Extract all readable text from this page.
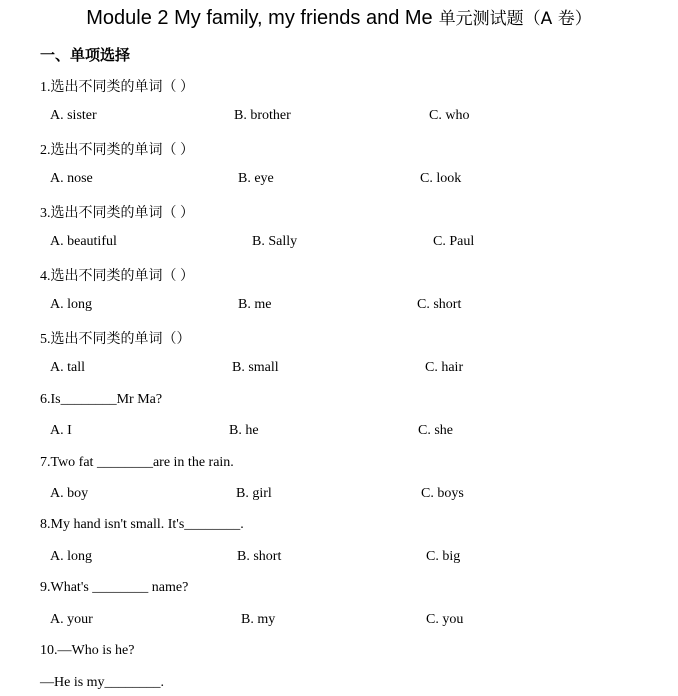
Module 2 My family, my friends and Me 单元测试题（A 卷）
一、单项选择
1.选出不同类的单词（ ）
A. sister	B. brother	C. who
2.选出不同类的单词（ ）
A. nose	B. eye	C. look
3.选出不同类的单词（ ）
A. beautiful	B. Sally	C. Paul
4.选出不同类的单词（ ）
A. long	B. me	C. short
5.选出不同类的单词（）
A. tall	B. small	C. hair
6.Is________Mr Ma?
A. I	B. he	C. she
7.Two fat ________are in the rain.
A. boy	B. girl	C. boys
8.My hand isn't small. It's________.
A. long	B. short	C. big
9.What's ________ name?
A. your	B. my	C. you
10.—Who is he?
—He is my________.
